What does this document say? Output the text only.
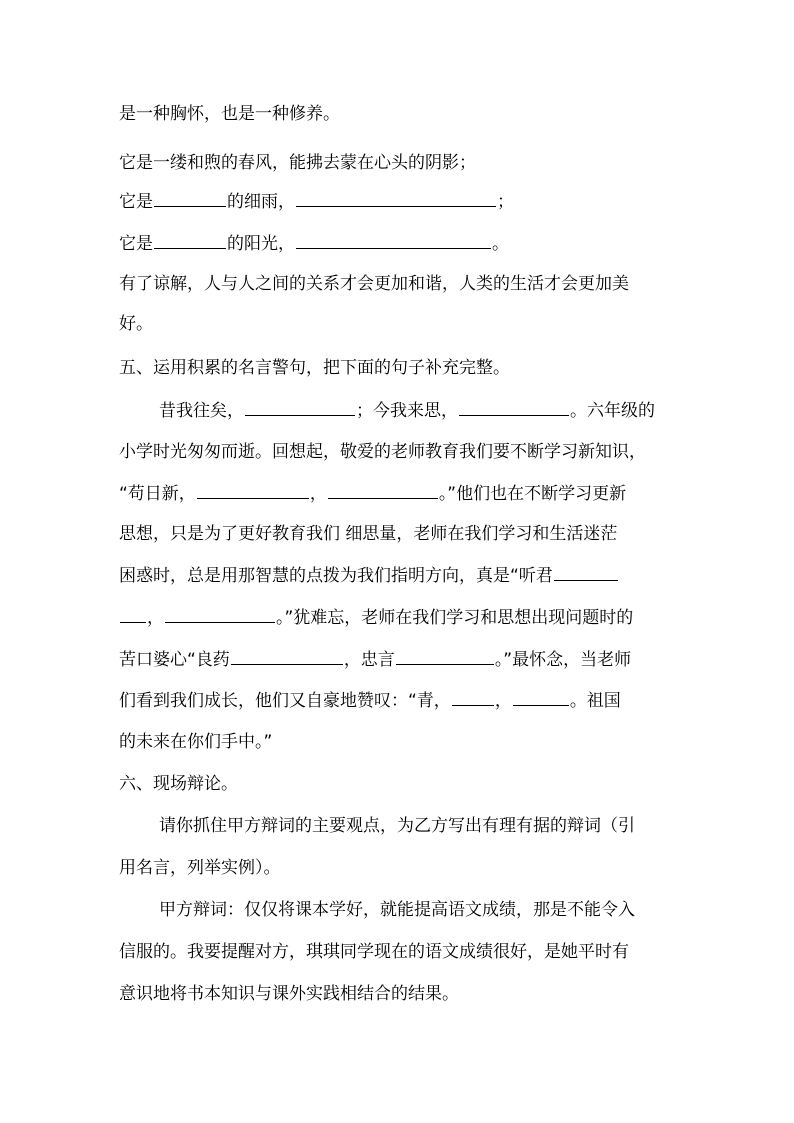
是一种胸怀，也是一种修养。
它是一缕和煦的春风，能拂去蒙在心头的阴影；
它是	的细雨，	；
它是	的阳光，	。
有了谅解，人与人之间的关系才会更加和谐，人类的生活才会更加美
好。
五、运用积累的名言警句，把下面的句子补充完整。
昔我往矣，	；今我来思，	。六年级的
小学时光匆匆而逝。回想起，敬爱的老师教育我们要不断学习新知识，
“苟日新，	，	。”他们也在不断学习更新
思想，只是为了更好教育我们 细思量，老师在我们学习和生活迷茫
困惑时，总是用那智慧的点拨为我们指明方向，真是“听君
，	。”犹难忘，老师在我们学习和思想出现问题时的
苦口婆心“良药	，忠言	。”最怀念，当老师
们看到我们成长，他们又自豪地赞叹：“青，	，	。祖国
的未来在你们手中。”
六、现场辩论。
请你抓住甲方辩词的主要观点，为乙方写出有理有据的辩词（引
用名言，列举实例）。
甲方辩词：仅仅将课本学好，就能提高语文成绩，那是不能令入
信服的。我要提醒对方，琪琪同学现在的语文成绩很好，是她平时有
意识地将书本知识与课外实践相结合的结果。
